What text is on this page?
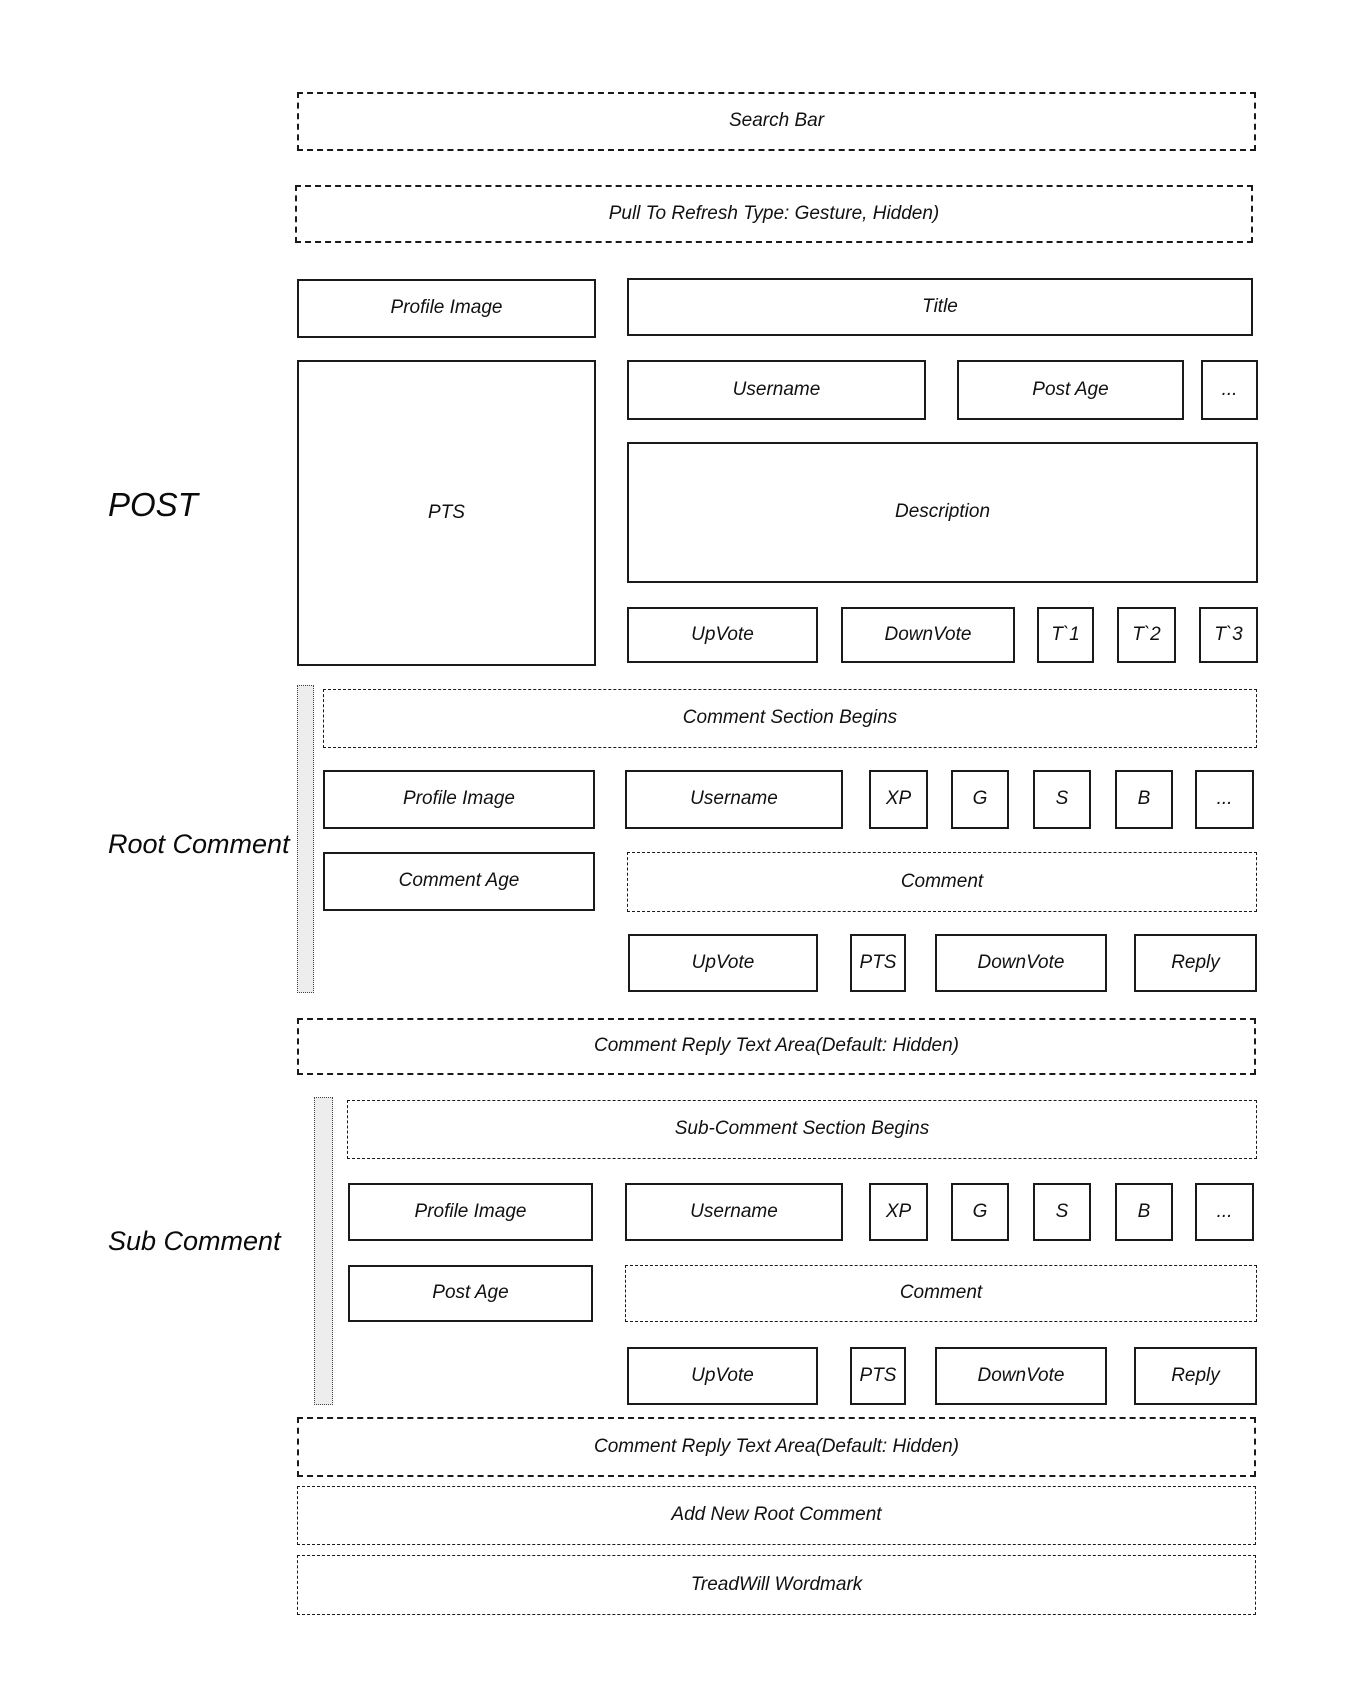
Search Bar
Pull To Refresh Type: Gesture, Hidden)
POST
Root Comment
Sub Comment
Profile Image	Title
PTS
Username	Post Age	...
Description
UpVote	DownVote	T`1	T`2	T`3
Comment Section Begins
Profile Image	Username	XP	G	S	B	...
Comment Age	Comment
UpVote	PTS	DownVote	Reply
Comment Reply Text Area(Default: Hidden)
Sub-Comment Section Begins
Profile Image	Username	XP	G	S	B	...
Post Age	Comment
UpVote	PTS	DownVote	Reply
Comment Reply Text Area(Default: Hidden)
Add New Root Comment
TreadWill Wordmark
